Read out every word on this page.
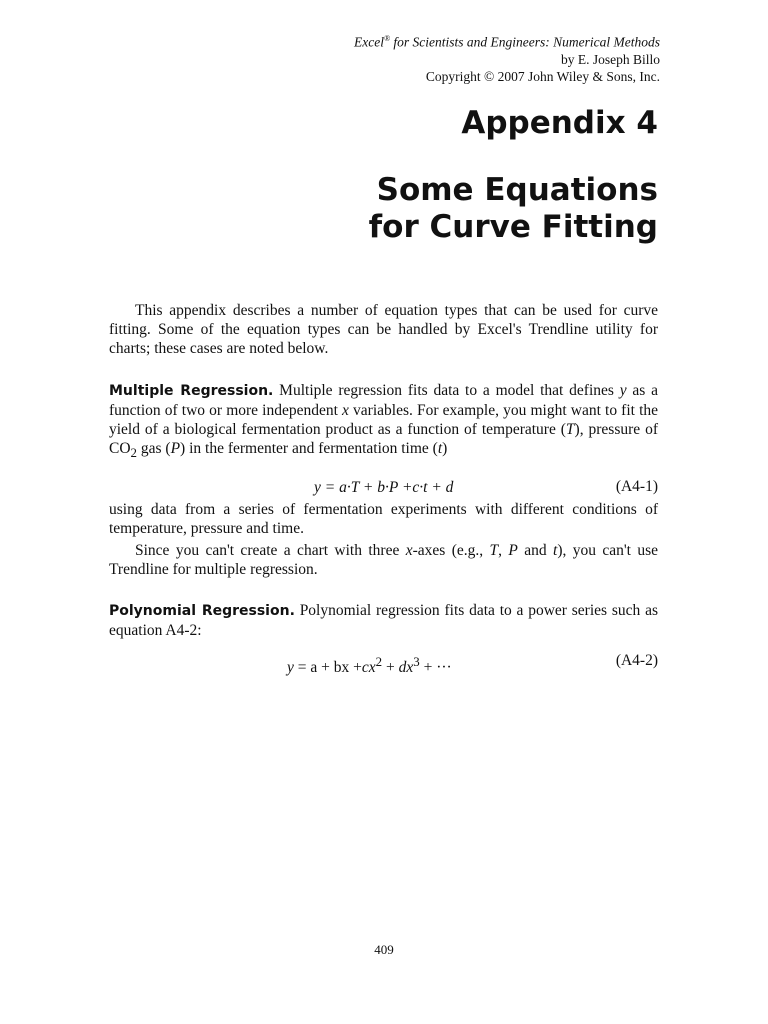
Excel® for Scientists and Engineers: Numerical Methods
by E. Joseph Billo
Copyright © 2007 John Wiley & Sons, Inc.
Appendix 4
Some Equations
for Curve Fitting
This appendix describes a number of equation types that can be used for curve fitting. Some of the equation types can be handled by Excel's Trendline utility for charts; these cases are noted below.

Multiple Regression. Multiple regression fits data to a model that defines y as a function of two or more independent x variables. For example, you might want to fit the yield of a biological fermentation product as a function of temperature (T), pressure of $CO_2$ gas (P) in the fermenter and fermentation time (t)

y = a·T + b·P +c·t + d	(A4-1)

using data from a series of fermentation experiments with different conditions of temperature, pressure and time.

Since you can't create a chart with three x-axes (e.g., T, P and t), you can't use Trendline for multiple regression.

Polynomial Regression. Polynomial regression fits data to a power series such as equation A4-2:

y = a + bx $+cx^2 + dx^3$ + ···	(A4-2)
409
